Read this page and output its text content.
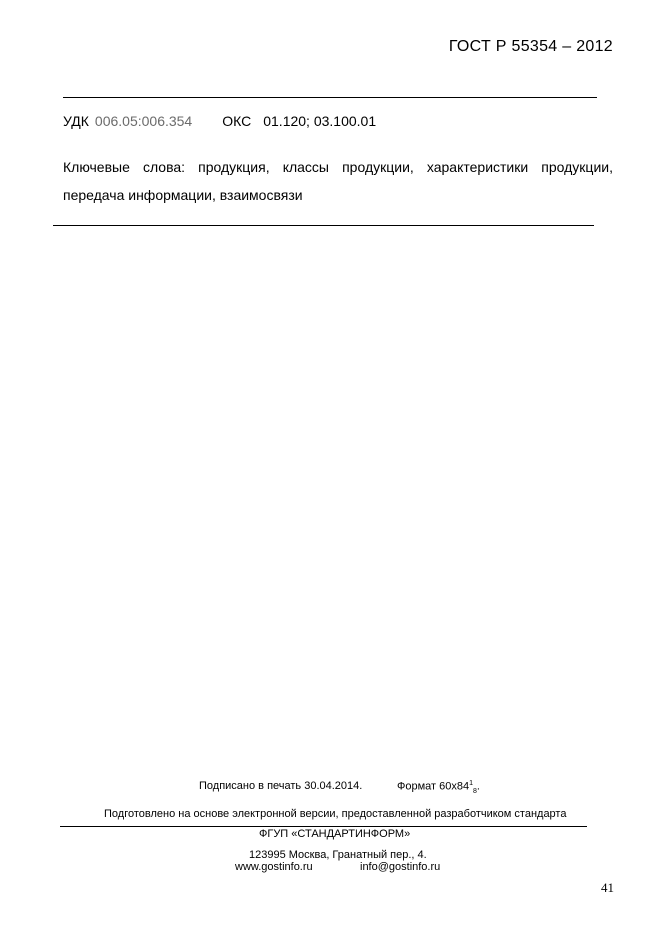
ГОСТ Р 55354 – 2012
УДК 006.05:006.354 ОКС 01.120; 03.100.01
Ключевые слова: продукция, классы продукции, характеристики продукции,
передача информации, взаимосвязи
Подписано в печать 30.04.2014.	Формат $60х84^1_8$.
Подготовлено на основе электронной версии, предоставленной разработчиком стандарта
ФГУП «СТАНДАРТИНФОРМ»
123995 Москва, Гранатный пер., 4.
www.gostinfo.ru	info@gostinfo.ru
41
